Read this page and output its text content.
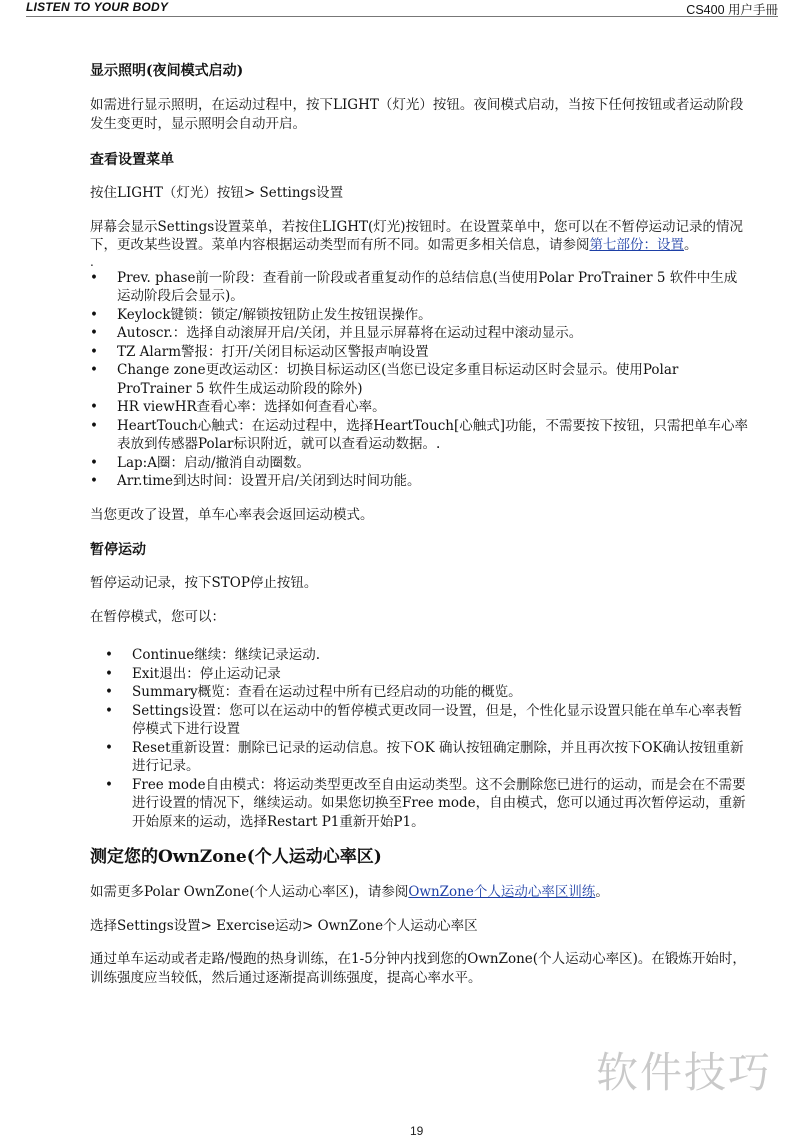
LISTEN TO YOUR BODY	CS400 用户手冊
显示照明(夜间模式启动)

如需进行显示照明，在运动过程中，按下LIGHT（灯光）按钮。夜间模式启动，当按下任何按钮或者运动阶段发生变更时，显示照明会自动开启。

查看设置菜单

按住LIGHT（灯光）按钮> Settings设置

屏幕会显示Settings设置菜单，若按住LIGHT(灯光)按钮时。在设置菜单中，您可以在不暂停运动记录的情况下，更改某些设置。菜单内容根据运动类型而有所不同。如需更多相关信息，请参阅第七部份：设置。

.
• Prev. phase前一阶段：查看前一阶段或者重复动作的总结信息(当使用Polar ProTrainer 5 软件中生成运动阶段后会显示)。
• Keylock键锁：锁定/解锁按钮防止发生按钮误操作。
• Autoscr.：选择自动滚屏开启/关闭，并且显示屏幕将在运动过程中滚动显示。
• TZ Alarm警报：打开/关闭目标运动区警报声响设置
• Change zone更改运动区：切换目标运动区(当您已设定多重目标运动区时会显示。使用Polar ProTrainer 5 软件生成运动阶段的除外)
• HR viewHR查看心率：选择如何查看心率。
• HeartTouch心触式：在运动过程中，选择HeartTouch[心触式]功能，不需要按下按钮，只需把单车心率表放到传感器Polar标识附近，就可以查看运动数据。.
• Lap:A圈：启动/撤消自动圈数。
• Arr.time到达时间：设置开启/关闭到达时间功能。

当您更改了设置，单车心率表会返回运动模式。

暂停运动

暂停运动记录，按下STOP停止按钮。

在暂停模式，您可以：

• Continue继续：继续记录运动.
• Exit退出：停止运动记录
• Summary概览：查看在运动过程中所有已经启动的功能的概览。
• Settings设置：您可以在运动中的暂停模式更改同一设置，但是，个性化显示设置只能在单车心率表暂停模式下进行设置
• Reset重新设置：删除已记录的运动信息。按下OK 确认按钮确定删除，并且再次按下OK确认按钮重新进行记录。
• Free mode自由模式：将运动类型更改至自由运动类型。这不会删除您已进行的运动，而是会在不需要进行设置的情况下，继续运动。如果您切换至Free mode，自由模式，您可以通过再次暂停运动，重新开始原来的运动，选择Restart P1重新开始P1。
测定您的OwnZone(个人运动心率区)

如需更多Polar OwnZone(个人运动心率区)，请参阅OwnZone个人运动心率区训练。

选择Settings设置> Exercise运动> OwnZone个人运动心率区

通过单车运动或者走路/慢跑的热身训练，在1-5分钟内找到您的OwnZone(个人运动心率区)。在锻炼开始时，训练强度应当较低，然后通过逐渐提高训练强度，提高心率水平。

软件技巧
19
